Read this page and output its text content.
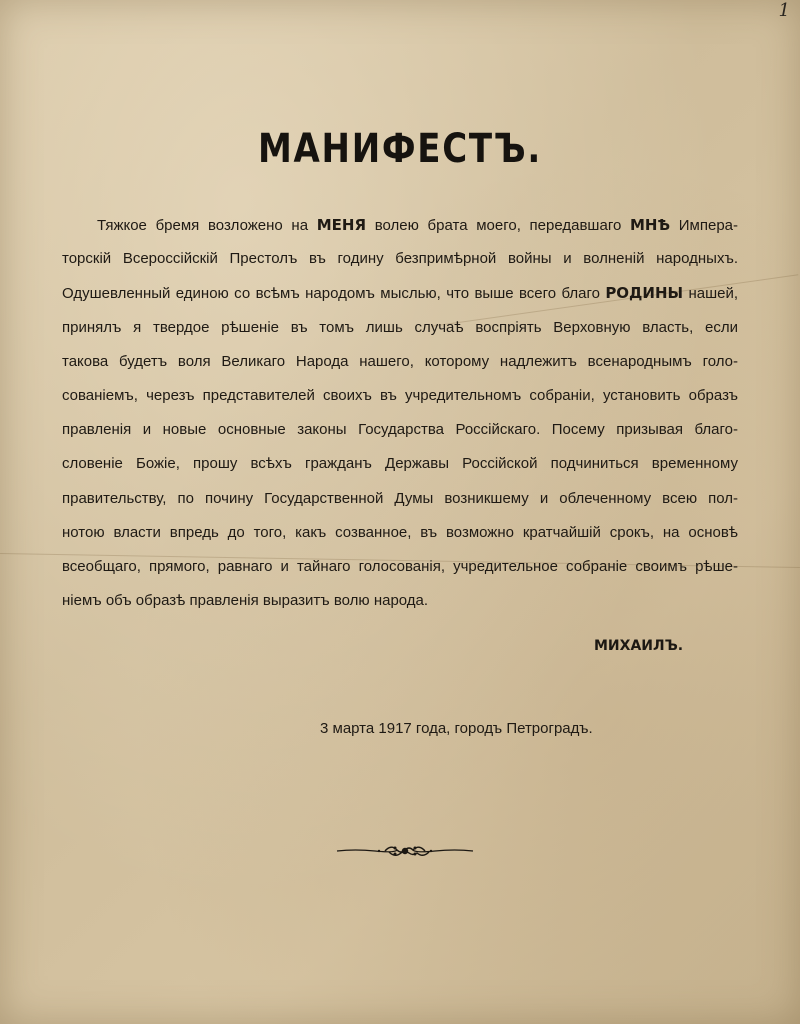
1
МАНИФЕСТЪ.
Тяжкое бремя возложено на МЕНЯ волею брата моего, передавшаго МНѢ Импера-
торскій Всероссійскій Престолъ въ годину безпримѣрной войны и волненій народныхъ.
Одушевленный единою со всѣмъ народомъ мыслью, что выше всего благо РОДИНЫ нашей,
принялъ я твердое рѣшеніе въ томъ лишь случаѣ воспріять Верховную власть, если
такова будетъ воля Великаго Народа нашего, которому надлежитъ всенароднымъ голо-
сованіемъ, черезъ представителей своихъ въ учредительномъ собраніи, установить образъ
правленія и новые основные законы Государства Россійскаго. Посему призывая благо-
словеніе Божіе, прошу всѣхъ гражданъ Державы Россійской подчиниться временному
правительству, по почину Государственной Думы возникшему и облеченному всею пол-
нотою власти впредь до того, какъ созванное, въ возможно кратчайшій срокъ, на основѣ
всеобщаго, прямого, равнаго и тайнаго голосованія, учредительное собраніе своимъ рѣше-
ніемъ объ образѣ правленія выразитъ волю народа.
МИХАИЛЪ.
3 марта 1917 года, городъ Петроградъ.
